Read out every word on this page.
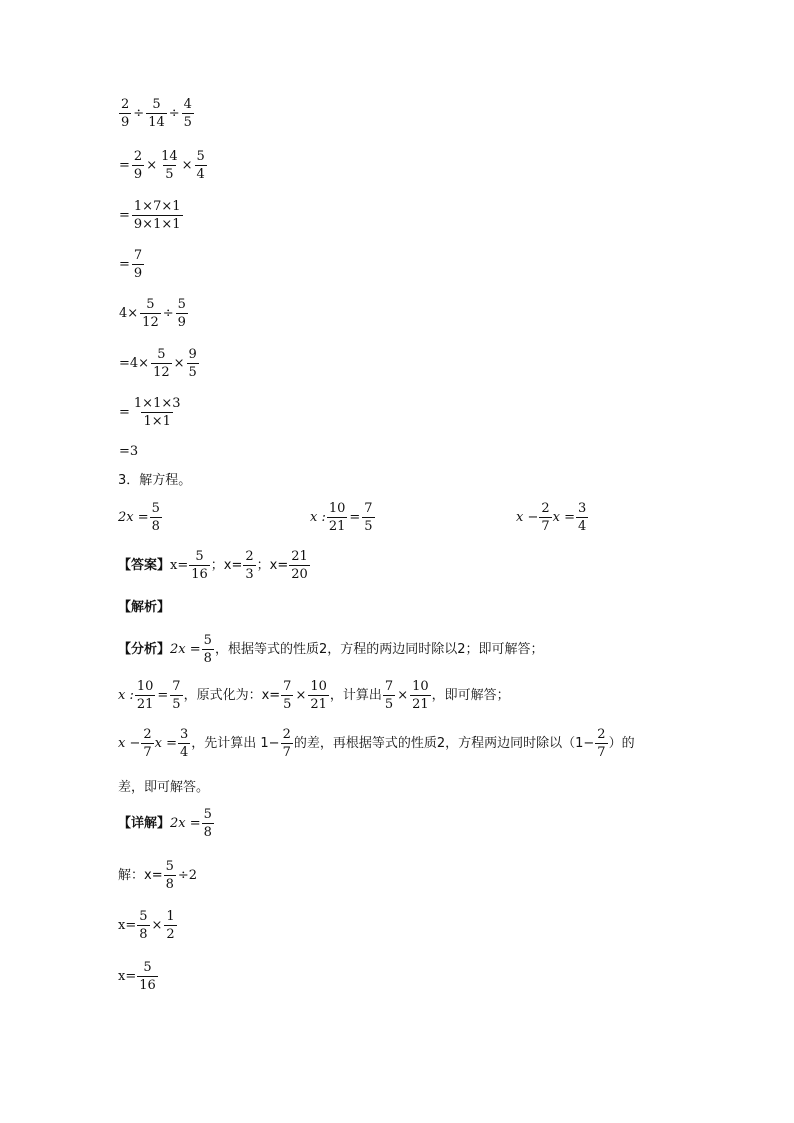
$\frac{2}{9} \div \frac{5}{14} \div \frac{4}{5}$
= $\frac{2}{9} \times \frac{14}{5} \times \frac{5}{4}$
= $\frac{1\times 7\times 1}{9\times 1\times 1}$
= $\frac{7}{9}$
$4\times \frac{5}{12} \div \frac{5}{9}$
$=4\times \frac{5}{12} \times \frac{9}{5}$
= $\frac{1\times 1\times 3}{1\times 1}$
=3
3．解方程。
$2x = \frac{5}{8}$	x : $\frac{10}{21} = \frac{7}{5}$	$x - \frac{2}{7}$ $x = \frac{3}{4}$
【答案】 $x= \frac{5}{16}$ ；$x= \frac{2}{3}$ ；$x= \frac{21}{20}$
【解析】
【分析】 $2x = \frac{5}{8}$ ，根据等式的性质2，方程的两边同时除以2；即可解答；
x : $\frac{10}{21} = \frac{7}{5}$ ，原式化为：$x= \frac{7}{5} \times \frac{10}{21}$ ，计算出 $\frac{7}{5} \times \frac{10}{21}$ ，即可解答；
$x - \frac{2}{7}$ $x = \frac{3}{4}$ ，先计算出 $1- \frac{2}{7}$ 的差，再根据等式的性质2，方程两边同时除以（$1- \frac{2}{7}$ ）的
差，即可解答。
【详解】 $2x = \frac{5}{8}$
解：$x= \frac{5}{8} \div 2$
$x= \frac{5}{8} \times \frac{1}{2}$
$x= \frac{5}{16}$
